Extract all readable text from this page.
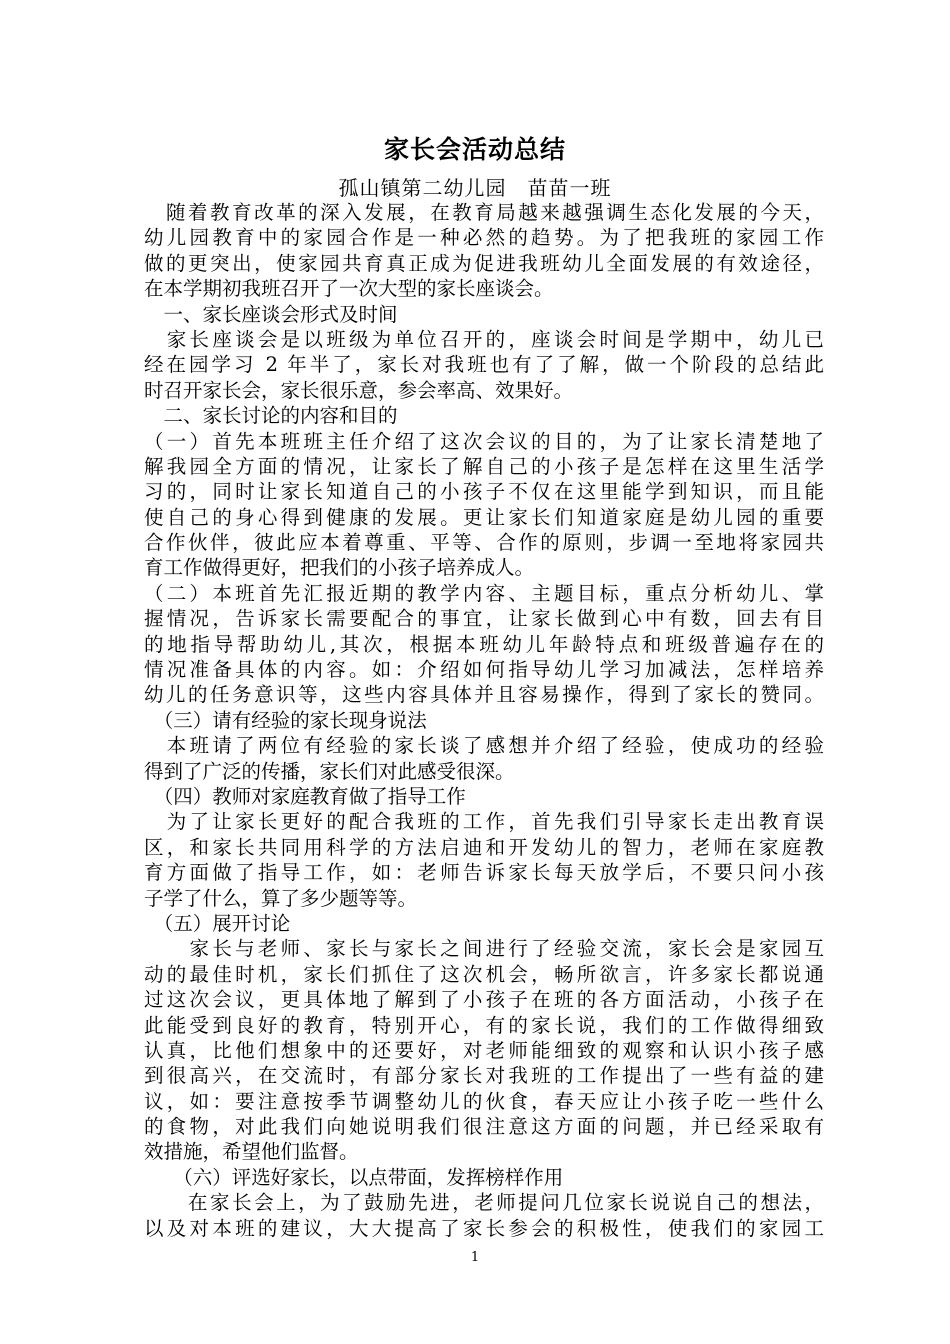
家长会活动总结
孤山镇第二幼儿园　苗苗一班
　随着教育改革的深入发展，在教育局越来越强调生态化发展的今天，
幼儿园教育中的家园合作是一种必然的趋势。为了把我班的家园工作
做的更突出，使家园共育真正成为促进我班幼儿全面发展的有效途径，
在本学期初我班召开了一次大型的家长座谈会。
　一、家长座谈会形式及时间
　家长座谈会是以班级为单位召开的，座谈会时间是学期中，幼儿已
经在园学习 2 年半了，家长对我班也有了了解，做一个阶段的总结此
时召开家长会，家长很乐意，参会率高、效果好。
　二、家长讨论的内容和目的
（一）首先本班班主任介绍了这次会议的目的，为了让家长清楚地了
解我园全方面的情况，让家长了解自己的小孩子是怎样在这里生活学
习的，同时让家长知道自己的小孩子不仅在这里能学到知识，而且能
使自己的身心得到健康的发展。更让家长们知道家庭是幼儿园的重要
合作伙伴，彼此应本着尊重、平等、合作的原则，步调一至地将家园共
育工作做得更好，把我们的小孩子培养成人。
（二）本班首先汇报近期的教学内容、主题目标，重点分析幼儿、掌
握情况，告诉家长需要配合的事宜，让家长做到心中有数，回去有目
的地指导帮助幼儿,其次，根据本班幼儿年龄特点和班级普遍存在的
情况准备具体的内容。如：介绍如何指导幼儿学习加减法，怎样培养
幼儿的任务意识等，这些内容具体并且容易操作，得到了家长的赞同。
　（三）请有经验的家长现身说法
　本班请了两位有经验的家长谈了感想并介绍了经验，使成功的经验
得到了广泛的传播，家长们对此感受很深。
　（四）教师对家庭教育做了指导工作
　为了让家长更好的配合我班的工作，首先我们引导家长走出教育误
区，和家长共同用科学的方法启迪和开发幼儿的智力，老师在家庭教
育方面做了指导工作，如：老师告诉家长每天放学后，不要只问小孩
子学了什么，算了多少题等等。
　（五）展开讨论
　　家长与老师、家长与家长之间进行了经验交流，家长会是家园互
动的最佳时机，家长们抓住了这次机会，畅所欲言，许多家长都说通
过这次会议，更具体地了解到了小孩子在班的各方面活动，小孩子在
此能受到良好的教育，特别开心，有的家长说，我们的工作做得细致
认真，比他们想象中的还要好，对老师能细致的观察和认识小孩子感
到很高兴，在交流时，有部分家长对我班的工作提出了一些有益的建
议，如：要注意按季节调整幼儿的伙食，春天应让小孩子吃一些什么
的食物，对此我们向她说明我们很注意这方面的问题，并已经采取有
效措施，希望他们监督。
　　（六）评选好家长，以点带面，发挥榜样作用
　　在家长会上，为了鼓励先进，老师提问几位家长说说自己的想法，
以及对本班的建议，大大提高了家长参会的积极性，使我们的家园工
1
